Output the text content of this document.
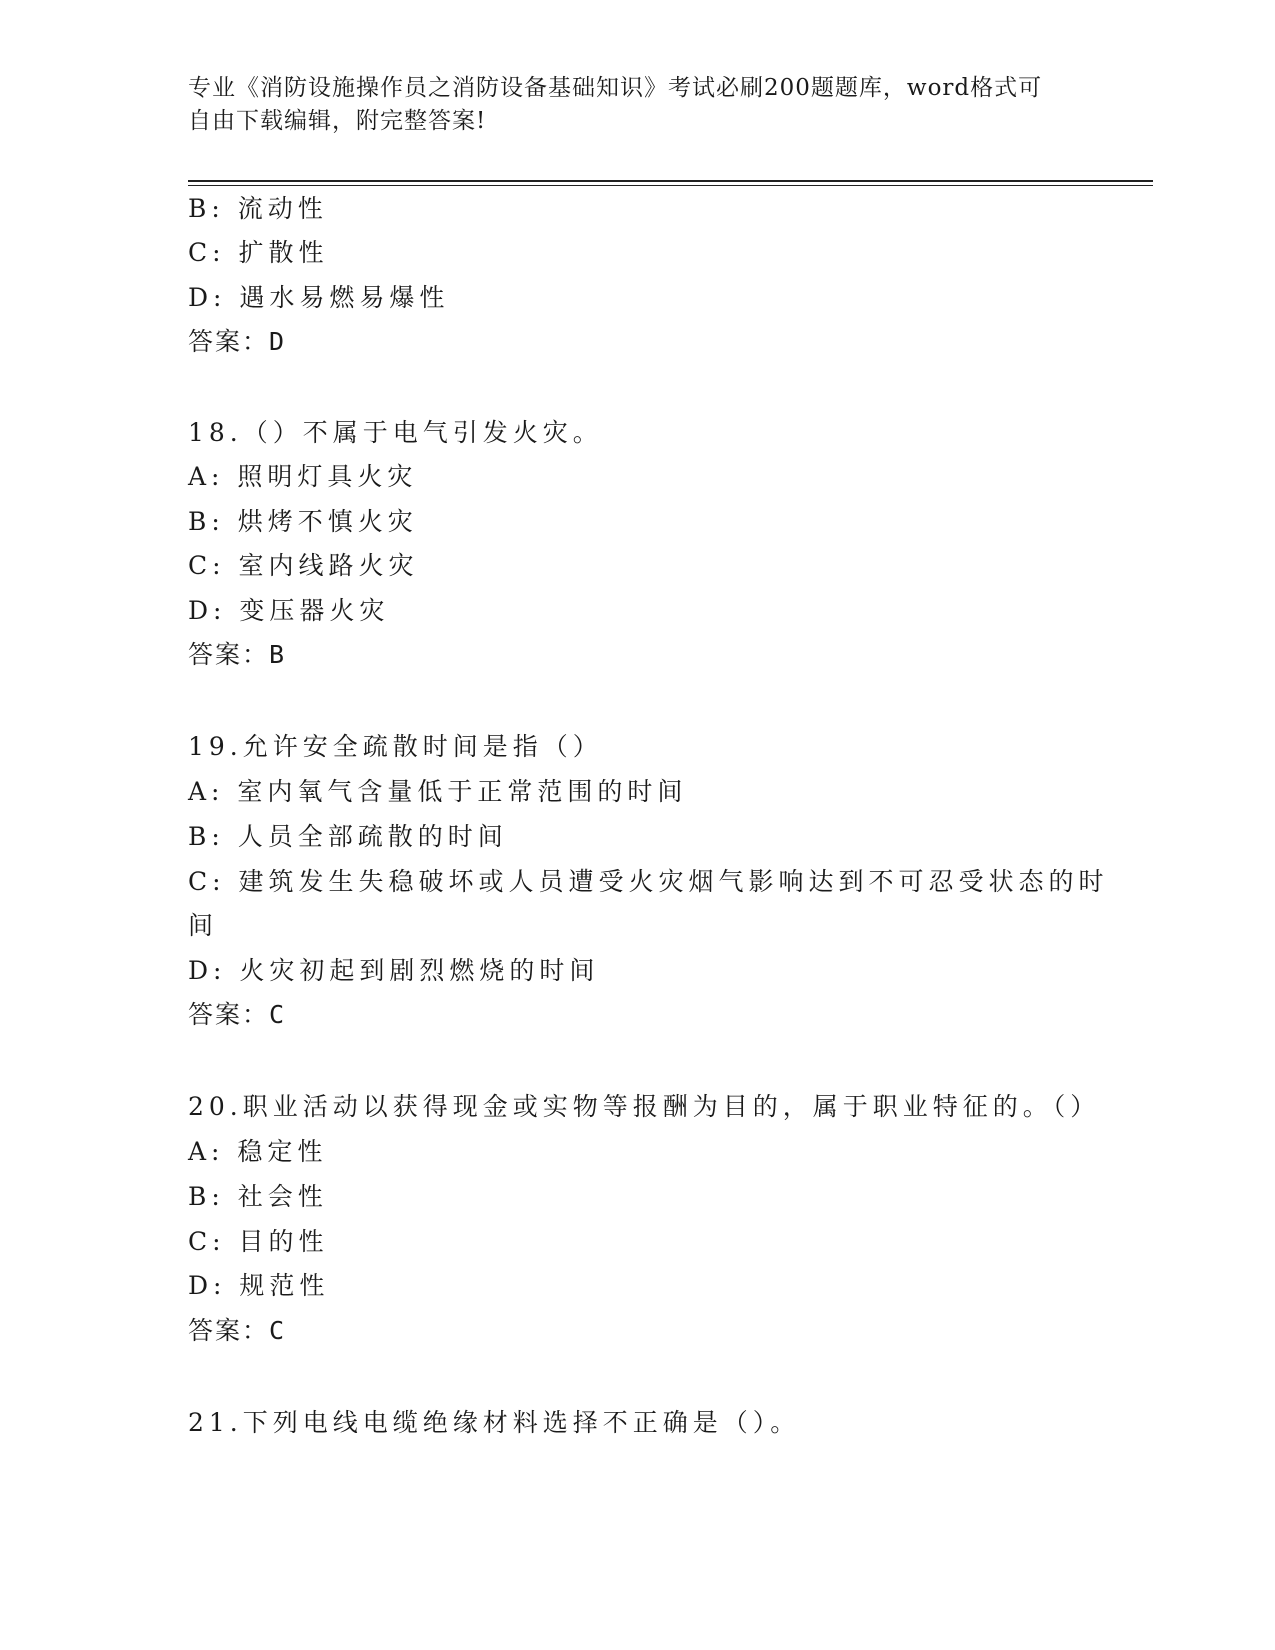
专业《消防设施操作员之消防设备基础知识》考试必刷200题题库，word格式可
自由下载编辑，附完整答案!
B: 流动性
C: 扩散性
D: 遇水易燃易爆性
答案：D
18.（）不属于电气引发火灾。
A: 照明灯具火灾
B: 烘烤不慎火灾
C: 室内线路火灾
D: 变压器火灾
答案：B
19.允许安全疏散时间是指（）
A: 室内氧气含量低于正常范围的时间
B: 人员全部疏散的时间
C: 建筑发生失稳破坏或人员遭受火灾烟气影响达到不可忍受状态的时
间
D: 火灾初起到剧烈燃烧的时间
答案：C
20.职业活动以获得现金或实物等报酬为目的，属于职业特征的。（）
A: 稳定性
B: 社会性
C: 目的性
D: 规范性
答案：C
21.下列电线电缆绝缘材料选择不正确是（）。
